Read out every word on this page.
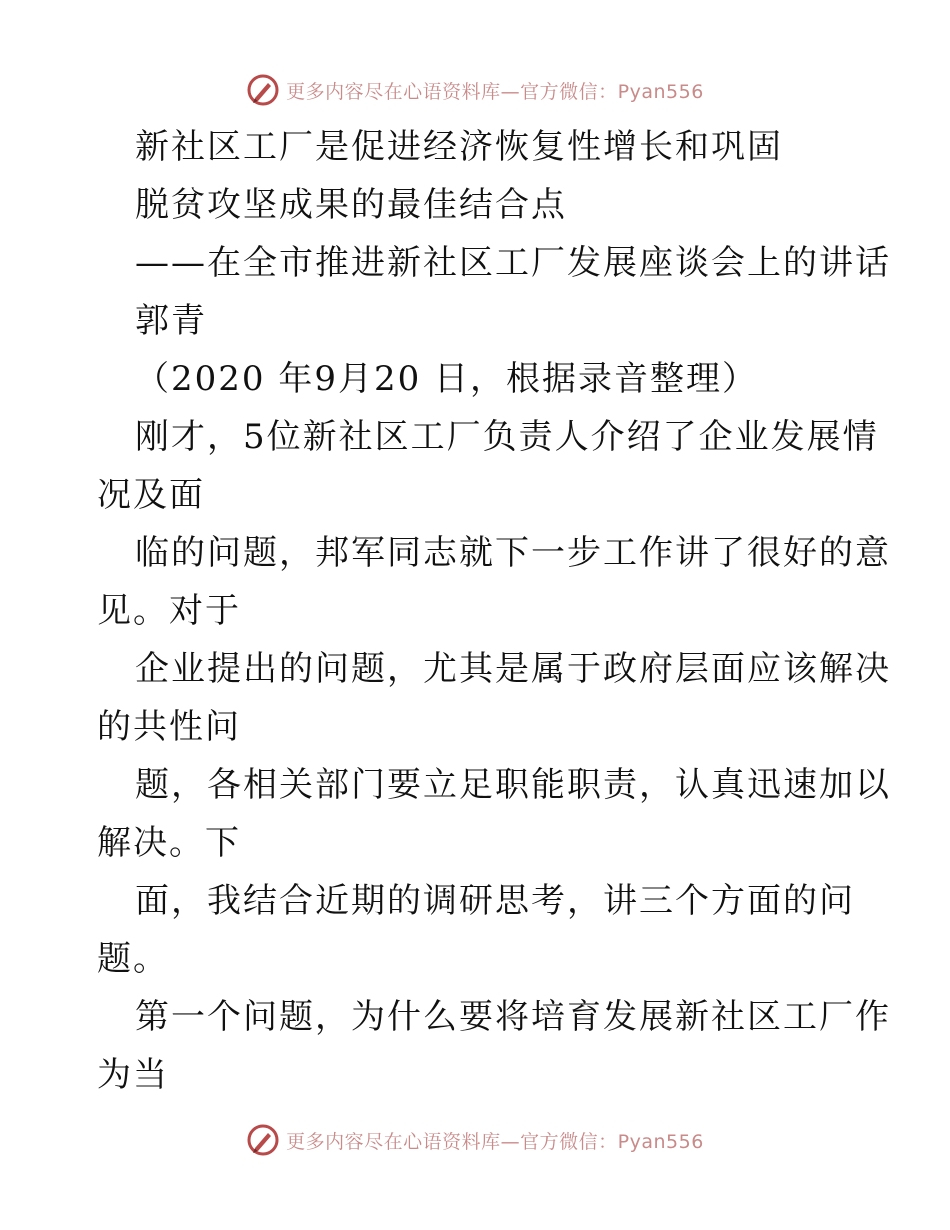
更多内容尽在心语资料库—官方微信：Pyan556
新社区工厂是促进经济恢复性增长和巩固
脱贫攻坚成果的最佳结合点
——在全市推进新社区工厂发展座谈会上的讲话
郭青
（2020 年9月20 日，根据录音整理）
刚才，5位新社区工厂负责人介绍了企业发展情
况及面
临的问题，邦军同志就下一步工作讲了很好的意
见。对于
企业提出的问题，尤其是属于政府层面应该解决
的共性问
题，各相关部门要立足职能职责，认真迅速加以
解决。下
面，我结合近期的调研思考，讲三个方面的问
题。
第一个问题，为什么要将培育发展新社区工厂作
为当
更多内容尽在心语资料库—官方微信：Pyan556
